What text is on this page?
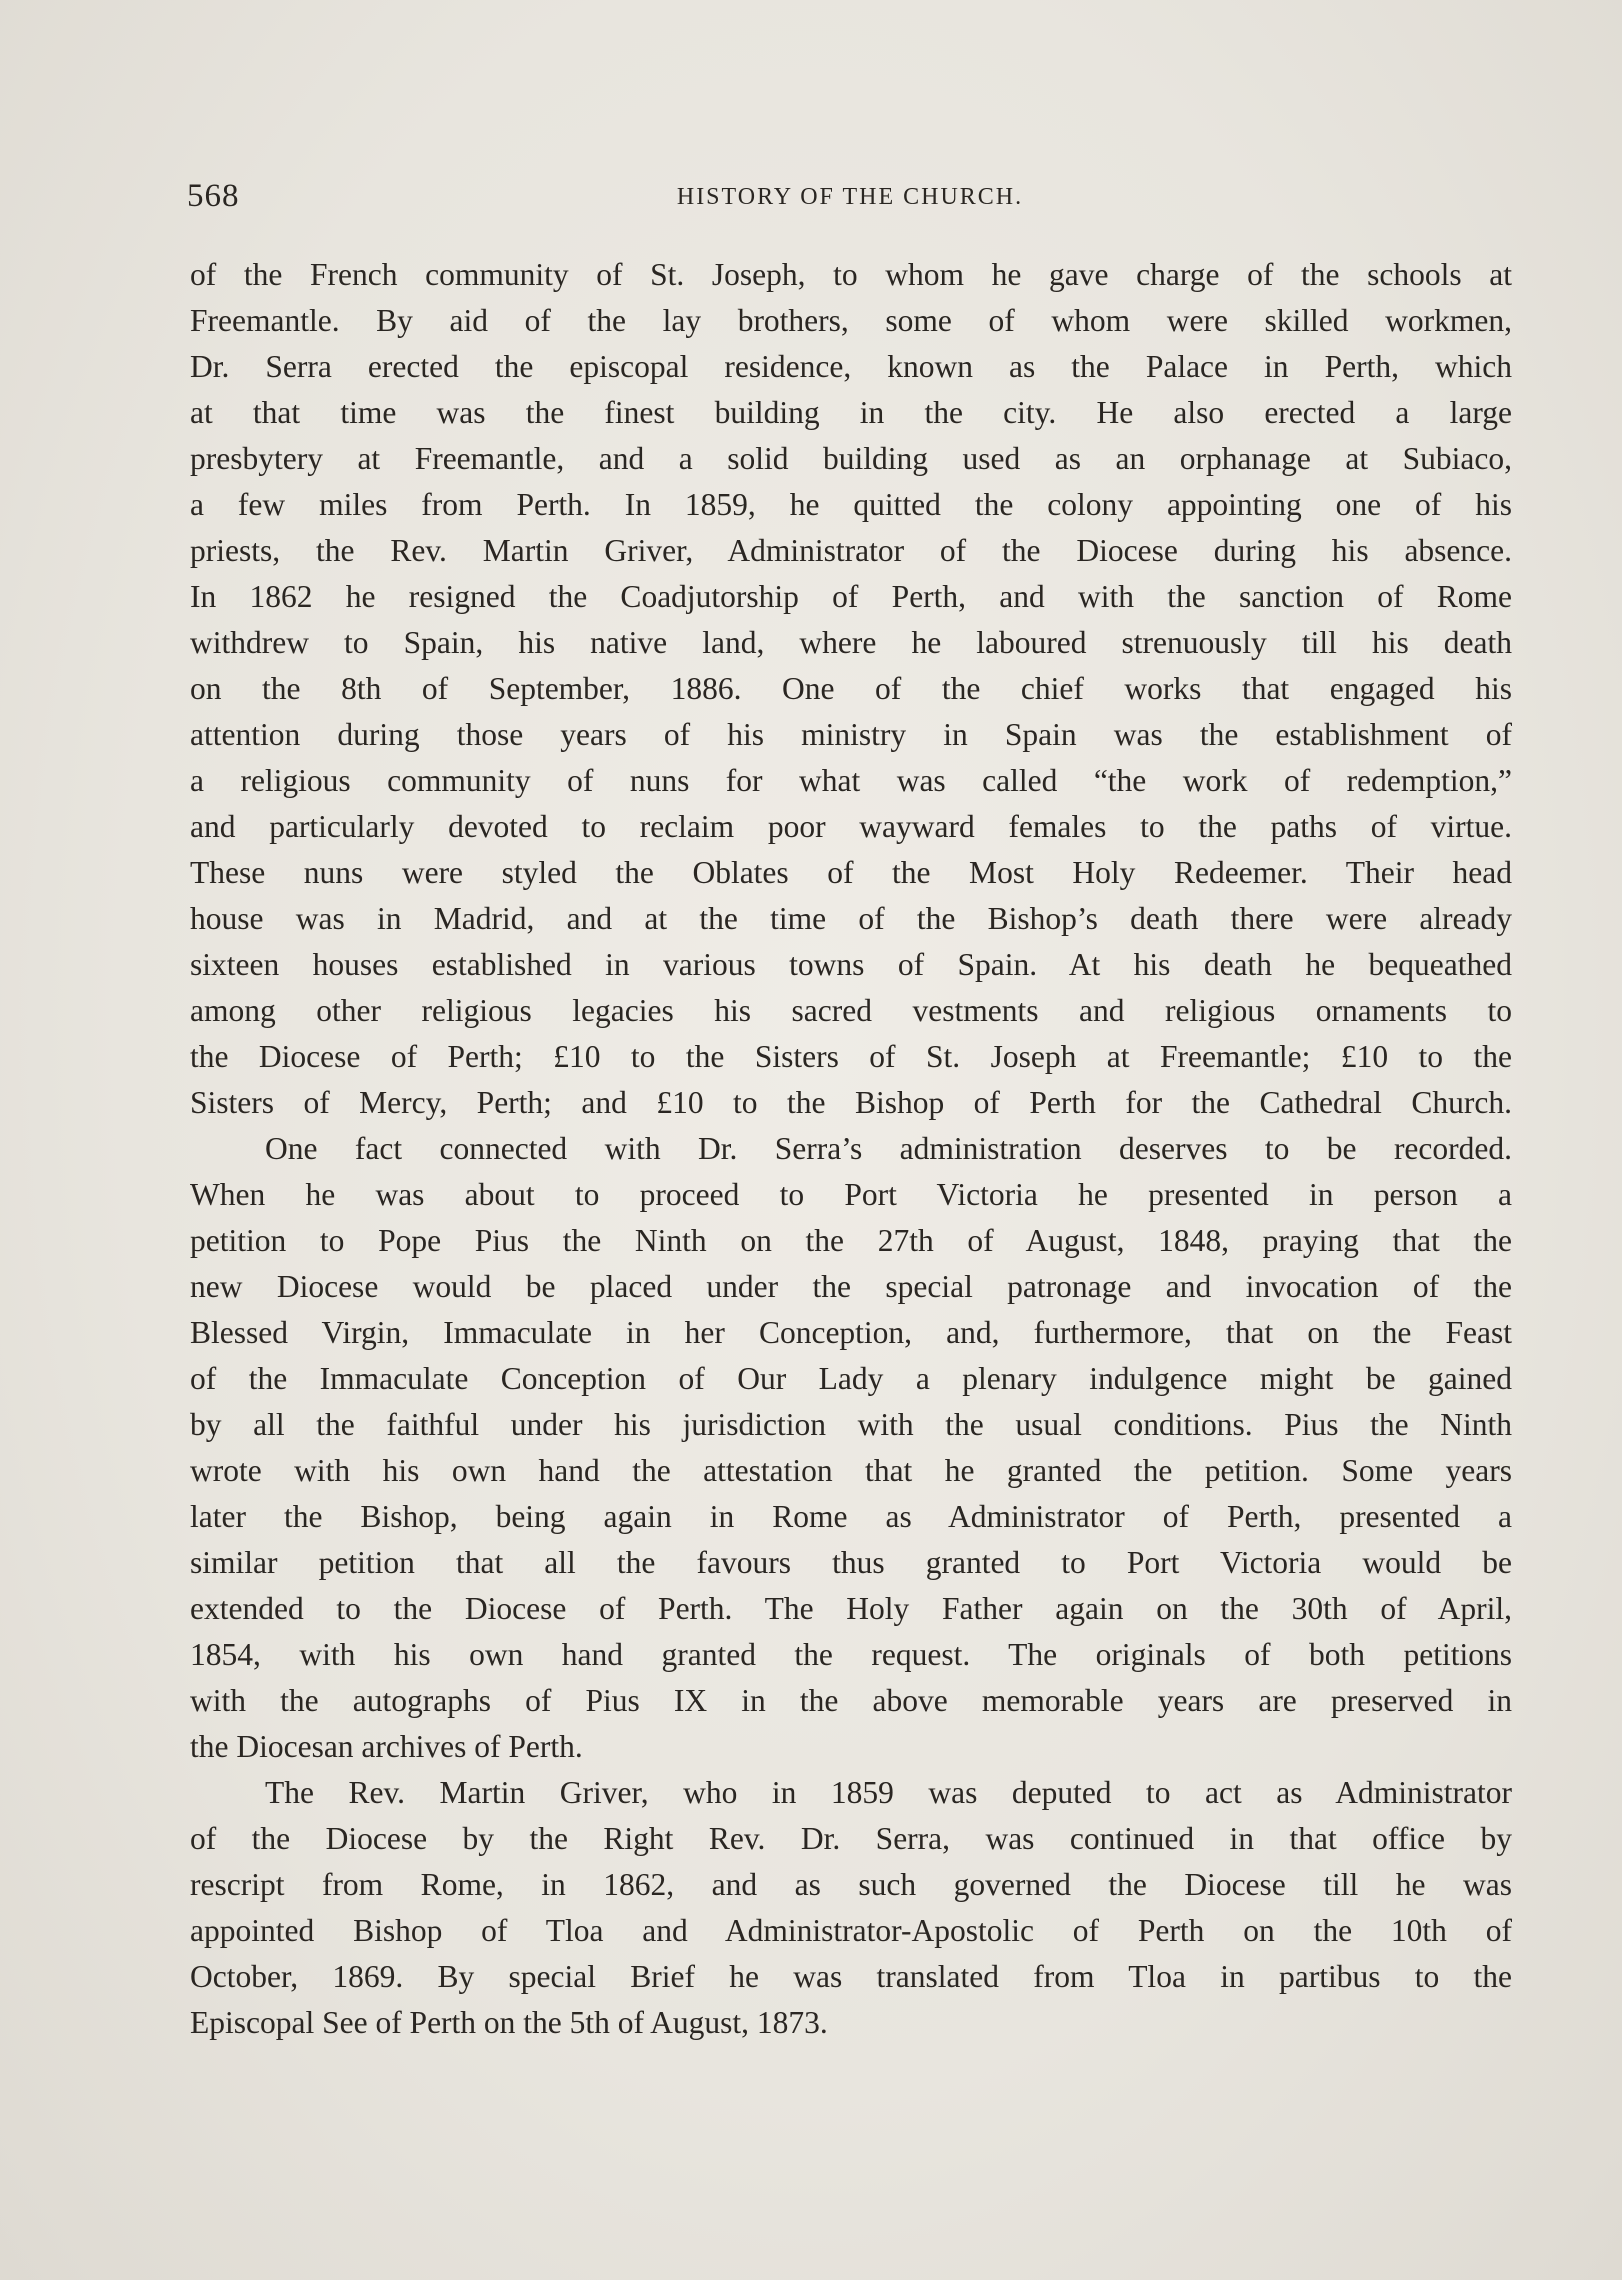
568	HISTORY OF THE CHURCH.
of the French community of St. Joseph, to whom he gave charge of the schools at
Freemantle. By aid of the lay brothers, some of whom were skilled workmen,
Dr. Serra erected the episcopal residence, known as the Palace in Perth, which
at that time was the finest building in the city. He also erected a large
presbytery at Freemantle, and a solid building used as an orphanage at Subiaco,
a few miles from Perth. In 1859, he quitted the colony appointing one of his
priests, the Rev. Martin Griver, Administrator of the Diocese during his absence.
In 1862 he resigned the Coadjutorship of Perth, and with the sanction of Rome
withdrew to Spain, his native land, where he laboured strenuously till his death
on the 8th of September, 1886. One of the chief works that engaged his
attention during those years of his ministry in Spain was the establishment of
a religious community of nuns for what was called “the work of redemption,”
and particularly devoted to reclaim poor wayward females to the paths of virtue.
These nuns were styled the Oblates of the Most Holy Redeemer. Their head
house was in Madrid, and at the time of the Bishop’s death there were already
sixteen houses established in various towns of Spain. At his death he bequeathed
among other religious legacies his sacred vestments and religious ornaments to
the Diocese of Perth; £10 to the Sisters of St. Joseph at Freemantle; £10 to the
Sisters of Mercy, Perth; and £10 to the Bishop of Perth for the Cathedral Church.
One fact connected with Dr. Serra’s administration deserves to be recorded.
When he was about to proceed to Port Victoria he presented in person a
petition to Pope Pius the Ninth on the 27th of August, 1848, praying that the
new Diocese would be placed under the special patronage and invocation of the
Blessed Virgin, Immaculate in her Conception, and, furthermore, that on the Feast
of the Immaculate Conception of Our Lady a plenary indulgence might be gained
by all the faithful under his jurisdiction with the usual conditions. Pius the Ninth
wrote with his own hand the attestation that he granted the petition. Some years
later the Bishop, being again in Rome as Administrator of Perth, presented a
similar petition that all the favours thus granted to Port Victoria would be
extended to the Diocese of Perth. The Holy Father again on the 30th of April,
1854, with his own hand granted the request. The originals of both petitions
with the autographs of Pius IX in the above memorable years are preserved in
the Diocesan archives of Perth.
The Rev. Martin Griver, who in 1859 was deputed to act as Administrator
of the Diocese by the Right Rev. Dr. Serra, was continued in that office by
rescript from Rome, in 1862, and as such governed the Diocese till he was
appointed Bishop of Tloa and Administrator-Apostolic of Perth on the 10th of
October, 1869. By special Brief he was translated from Tloa in partibus to the
Episcopal See of Perth on the 5th of August, 1873.
